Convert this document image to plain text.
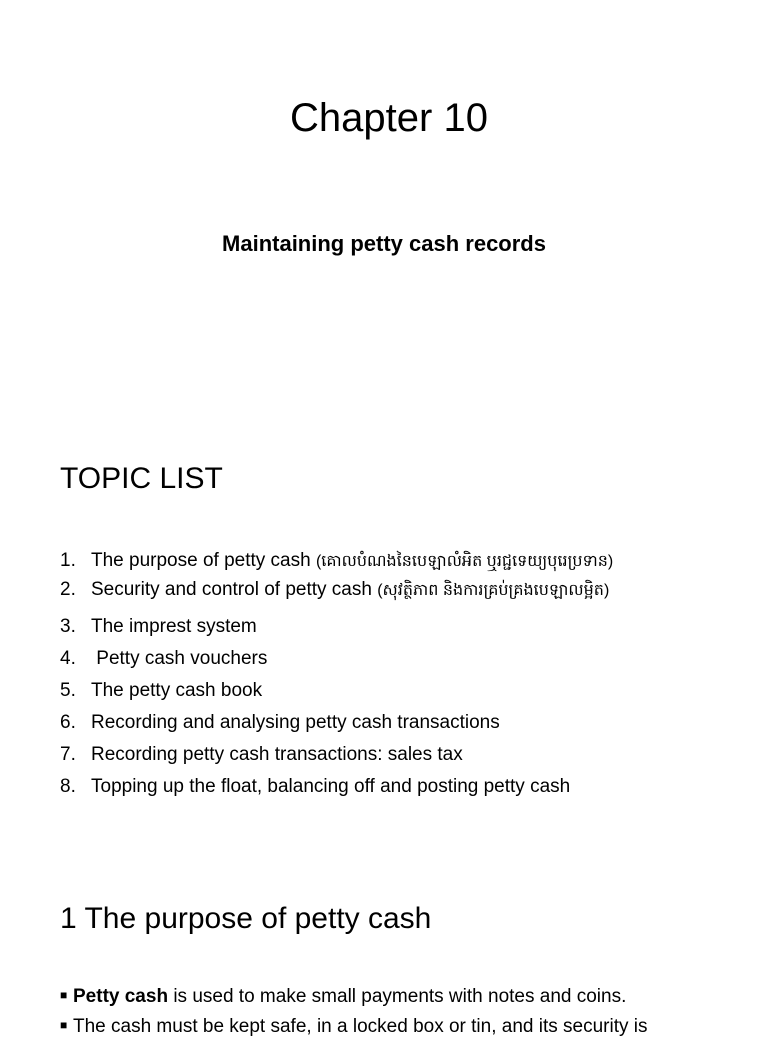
Chapter 10
Maintaining petty cash records
TOPIC LIST
1. The purpose of petty cash (គោលបំណងនៃបេឡាលំអិត ឬរជ្ជទេយ្យបុរេប្រទាន)
2. Security and control of petty cash (សុវត្ថិភាព និងការគ្រប់គ្រងបេឡាលម្អិត)
3. The imprest system
4. Petty cash vouchers
5. The petty cash book
6. Recording and analysing petty cash transactions
7. Recording petty cash transactions: sales tax
8. Topping up the float, balancing off and posting petty cash
1 The purpose of petty cash
■ Petty cash is used to make small payments with notes and coins.
■ The cash must be kept safe, in a locked box or tin, and its security is
